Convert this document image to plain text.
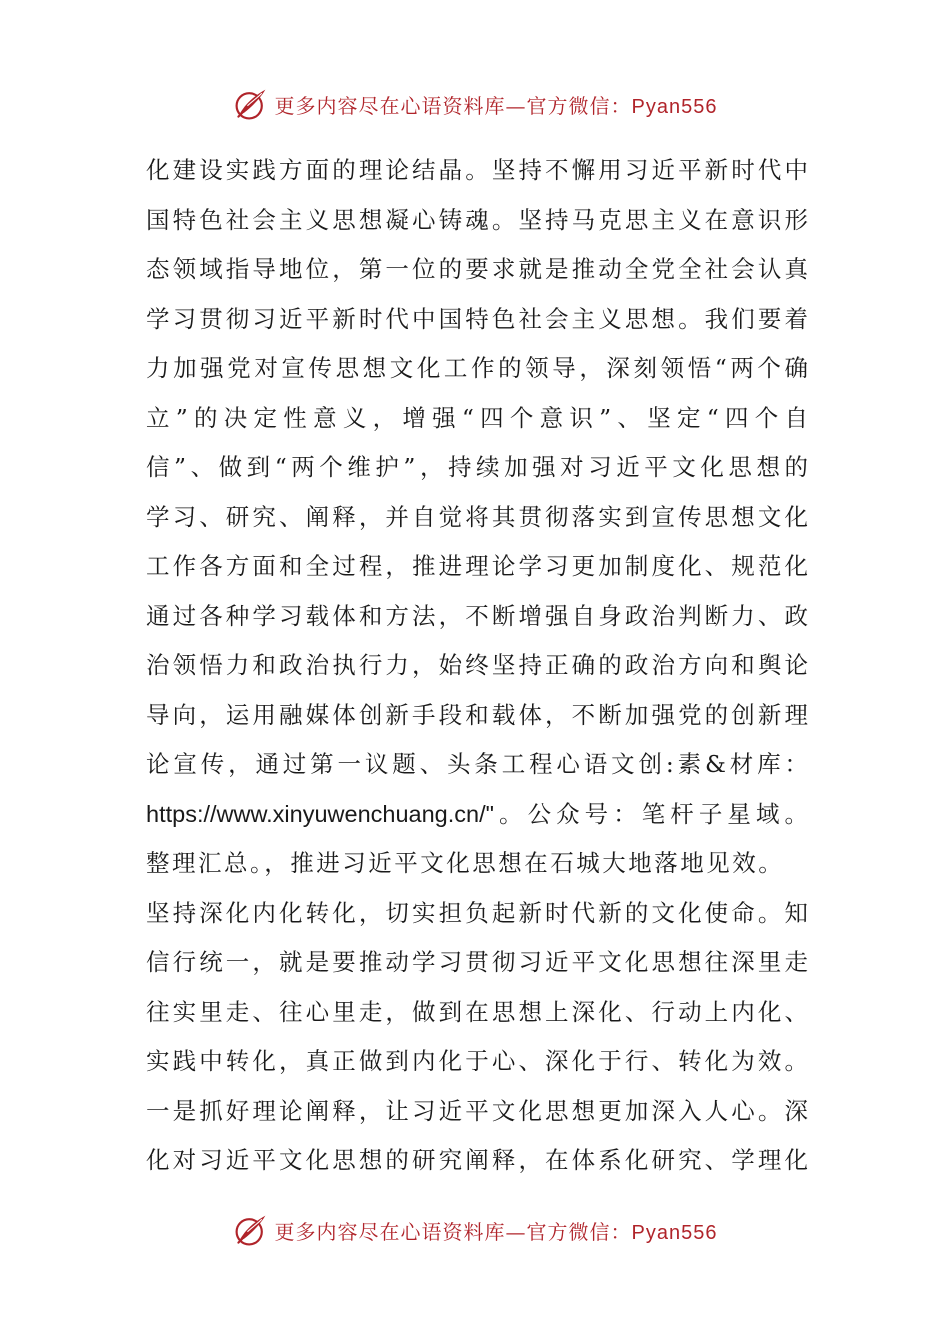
更多内容尽在心语资料库—官方微信：Pyan556
化建设实践方面的理论结晶。坚持不懈用习近平新时代中
国特色社会主义思想凝心铸魂。坚持马克思主义在意识形
态领域指导地位，第一位的要求就是推动全党全社会认真
学习贯彻习近平新时代中国特色社会主义思想。我们要着
力加强党对宣传思想文化工作的领导，深刻领悟“两个确
立”的决定性意义，增强“四个意识”、坚定“四个自
信”、做到“两个维护”，持续加强对习近平文化思想的
学习、研究、阐释，并自觉将其贯彻落实到宣传思想文化
工作各方面和全过程，推进理论学习更加制度化、规范化
通过各种学习载体和方法，不断增强自身政治判断力、政
治领悟力和政治执行力，始终坚持正确的政治方向和舆论
导向，运用融媒体创新手段和载体，不断加强党的创新理
论宣传，通过第一议题、头条工程心语文创:素&材库：
https://www.xinyuwenchuang.cn/"。公众号：笔杆子星域。
整理汇总。，推进习近平文化思想在石城大地落地见效。
坚持深化内化转化，切实担负起新时代新的文化使命。知
信行统一，就是要推动学习贯彻习近平文化思想往深里走
往实里走、往心里走，做到在思想上深化、行动上内化、
实践中转化，真正做到内化于心、深化于行、转化为效。
一是抓好理论阐释，让习近平文化思想更加深入人心。深
化对习近平文化思想的研究阐释，在体系化研究、学理化
更多内容尽在心语资料库—官方微信：Pyan556
